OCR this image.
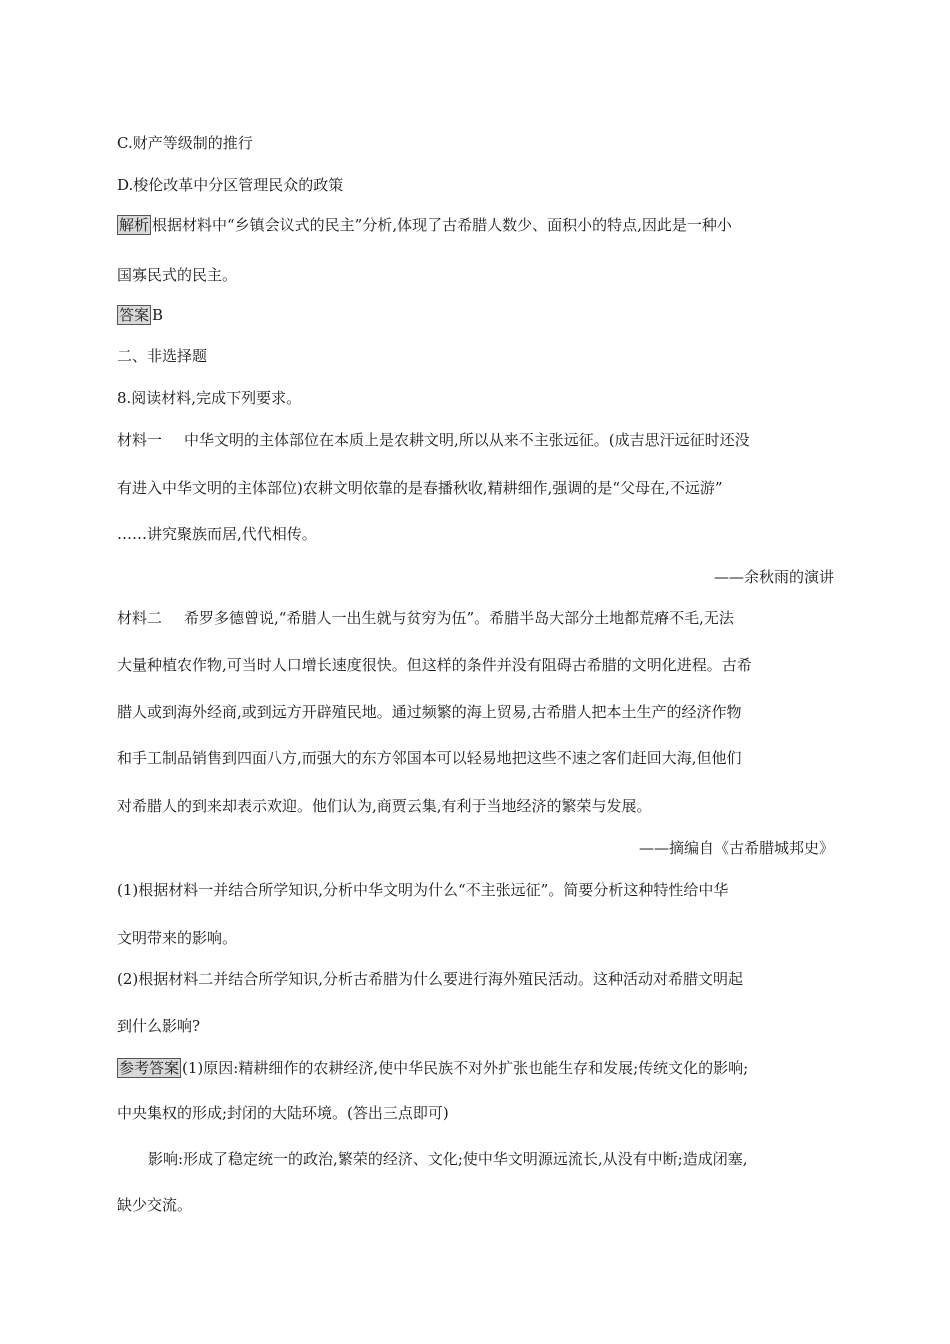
C.财产等级制的推行
D.梭伦改革中分区管理民众的政策
解析 根据材料中“乡镇会议式的民主”分析,体现了古希腊人数少、面积小的特点,因此是一种小
国寡民式的民主。
答案 B
二、非选择题
8.阅读材料,完成下列要求。
材料一 中华文明的主体部位在本质上是农耕文明,所以从来不主张远征。(成吉思汗远征时还没
有进入中华文明的主体部位)农耕文明依靠的是春播秋收,精耕细作,强调的是“父母在,不远游”
……讲究聚族而居,代代相传。
——余秋雨的演讲
材料二 希罗多德曾说,“希腊人一出生就与贫穷为伍”。希腊半岛大部分土地都荒瘠不毛,无法
大量种植农作物,可当时人口增长速度很快。但这样的条件并没有阻碍古希腊的文明化进程。古希
腊人或到海外经商,或到远方开辟殖民地。通过频繁的海上贸易,古希腊人把本土生产的经济作物
和手工制品销售到四面八方,而强大的东方邻国本可以轻易地把这些不速之客们赶回大海,但他们
对希腊人的到来却表示欢迎。他们认为,商贾云集,有利于当地经济的繁荣与发展。
——摘编自《古希腊城邦史》
(1)根据材料一并结合所学知识,分析中华文明为什么“不主张远征”。简要分析这种特性给中华
文明带来的影响。
(2)根据材料二并结合所学知识,分析古希腊为什么要进行海外殖民活动。这种活动对希腊文明起
到什么影响?
参考答案 (1)原因:精耕细作的农耕经济,使中华民族不对外扩张也能生存和发展;传统文化的影响;
中央集权的形成;封闭的大陆环境。(答出三点即可)
影响:形成了稳定统一的政治,繁荣的经济、文化;使中华文明源远流长,从没有中断;造成闭塞,
缺少交流。
